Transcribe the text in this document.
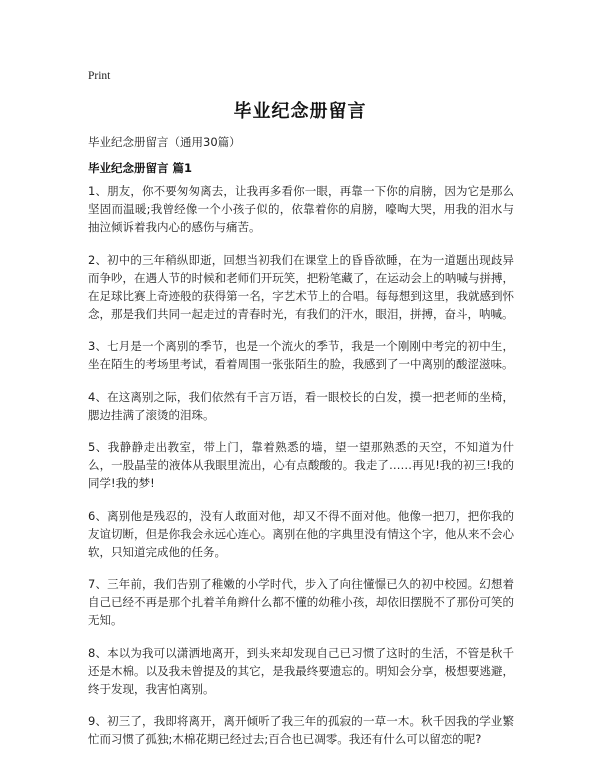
Print
毕业纪念册留言
毕业纪念册留言（通用30篇）
毕业纪念册留言 篇1

1、朋友，你不要匆匆离去，让我再多看你一眼，再靠一下你的肩膀，因为它是那么坚固而温暖;我曾经像一个小孩子似的，依靠着你的肩膀，嚎啕大哭，用我的泪水与抽泣倾诉着我内心的感伤与痛苦。

2、初中的三年稍纵即逝，回想当初我们在课堂上的昏昏欲睡，在为一道题出现歧异而争吵，在遇人节的时候和老师们开玩笑，把粉笔藏了，在运动会上的呐喊与拼搏，在足球比赛上奇迹般的获得第一名，字艺术节上的合唱。每每想到这里，我就感到怀念，那是我们共同一起走过的青春时光，有我们的汗水，眼泪，拼搏，奋斗，呐喊。

3、七月是一个离别的季节，也是一个流火的季节，我是一个刚刚中考完的初中生，坐在陌生的考场里考试，看着周围一张张陌生的脸，我感到了一中离别的酸涩滋味。

4、在这离别之际，我们依然有千言万语，看一眼校长的白发，摸一把老师的坐椅，腮边挂满了滚烫的泪珠。

5、我静静走出教室，带上门，靠着熟悉的墙，望一望那熟悉的天空，不知道为什么，一股晶莹的液体从我眼里流出，心有点酸酸的。我走了……再见!我的初三!我的同学!我的梦!

6、离别他是残忍的，没有人敢面对他，却又不得不面对他。他像一把刀，把你我的友谊切断，但是你我会永远心连心。离别在他的字典里没有情这个字，他从来不会心软，只知道完成他的任务。

7、三年前，我们告别了稚嫩的小学时代，步入了向往懂憬已久的初中校园。幻想着自己已经不再是那个扎着羊角辫什么都不懂的幼稚小孩，却依旧摆脱不了那份可笑的无知。

8、本以为我可以潇洒地离开，到头来却发现自己已习惯了这时的生活，不管是秋千还是木棉。以及我未曾提及的其它，是我最终要遗忘的。明知会分享，极想要逃避，终于发现，我害怕离别。

9、初三了，我即将离开，离开倾听了我三年的孤寂的一草一木。秋千因我的学业繁忙而习惯了孤独;木棉花期已经过去;百合也已凋零。我还有什么可以留恋的呢?
